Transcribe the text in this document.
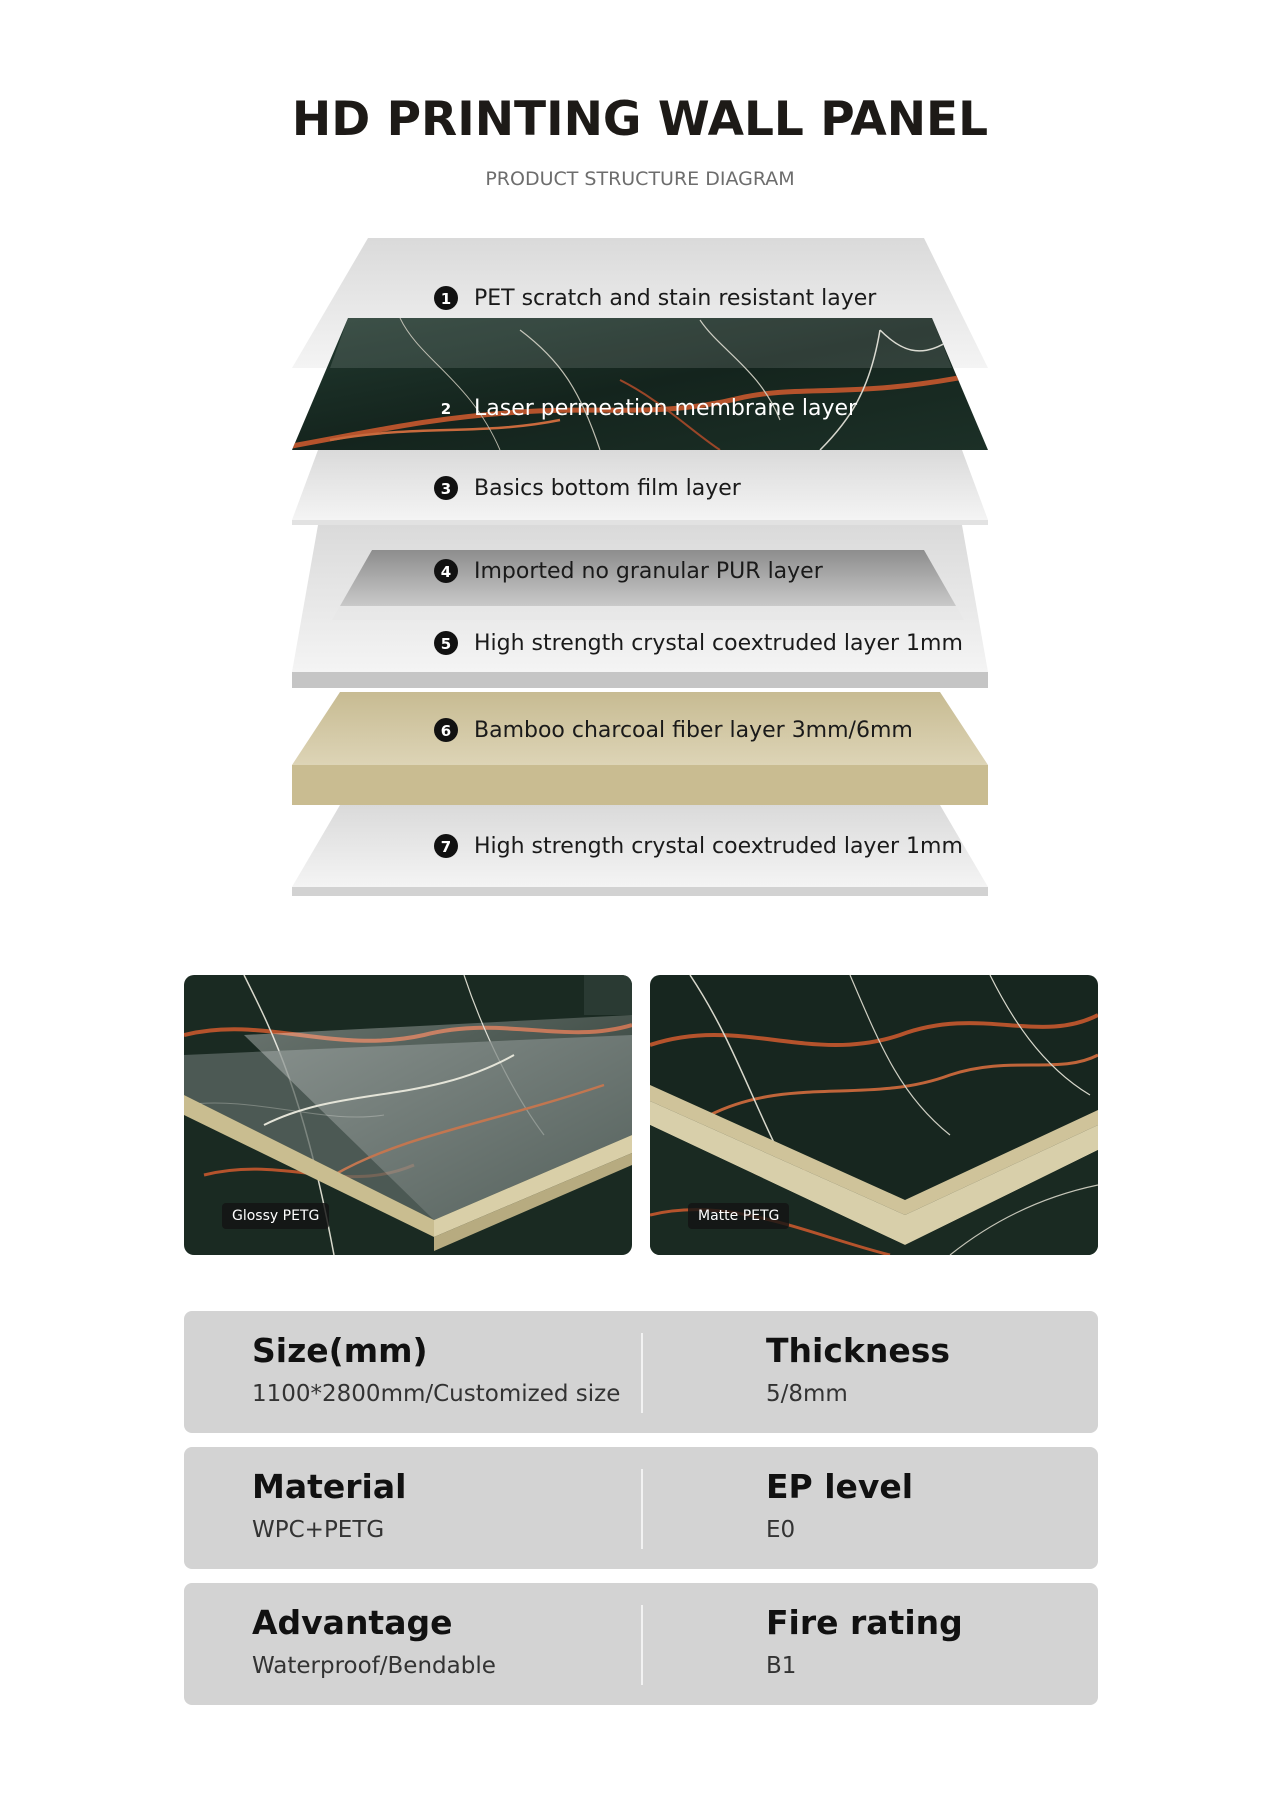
HD PRINTING WALL PANEL
PRODUCT STRUCTURE DIAGRAM
1 PET scratch and stain resistant layer
2 Laser permeation membrane layer
3 Basics bottom film layer
4 Imported no granular PUR layer
5 High strength crystal coextruded layer 1mm
6 Bamboo charcoal fiber layer 3mm/6mm
7 High strength crystal coextruded layer 1mm
Glossy PETG	Matte PETG
Size(mm)
1100*2800mm/Customized size
Thickness
5/8mm
Material
WPC+PETG
EP level
E0
Advantage
Waterproof/Bendable
Fire rating
B1
